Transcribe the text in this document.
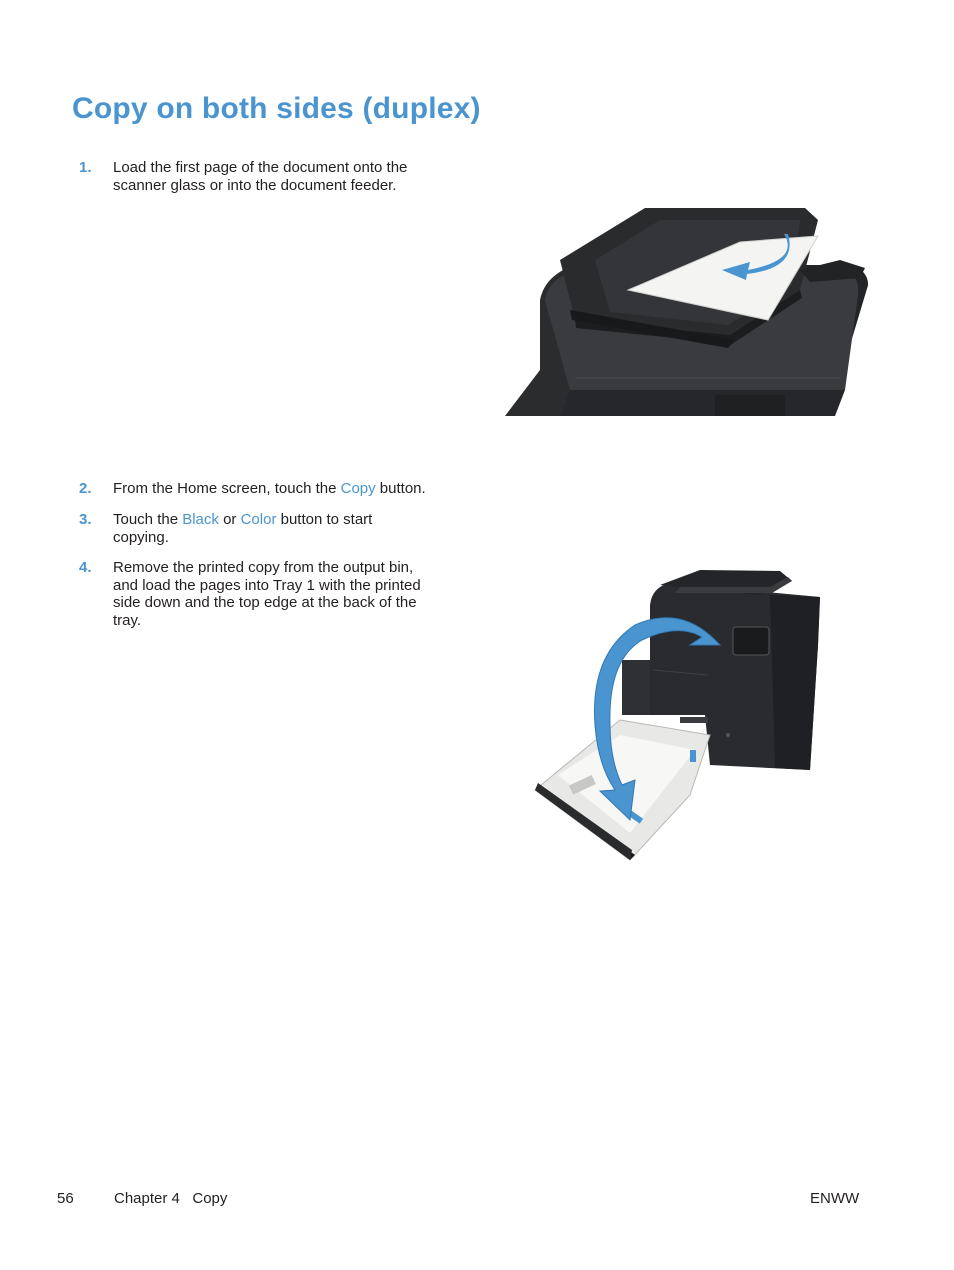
Copy on both sides (duplex)
1.	Load the first page of the document onto the scanner glass or into the document feeder.
2.	From the Home screen, touch the Copy button.
3.	Touch the Black or Color button to start copying.
4.	Remove the printed copy from the output bin, and load the pages into Tray 1 with the printed side down and the top edge at the back of the tray.
56	Chapter 4   Copy	ENWW
